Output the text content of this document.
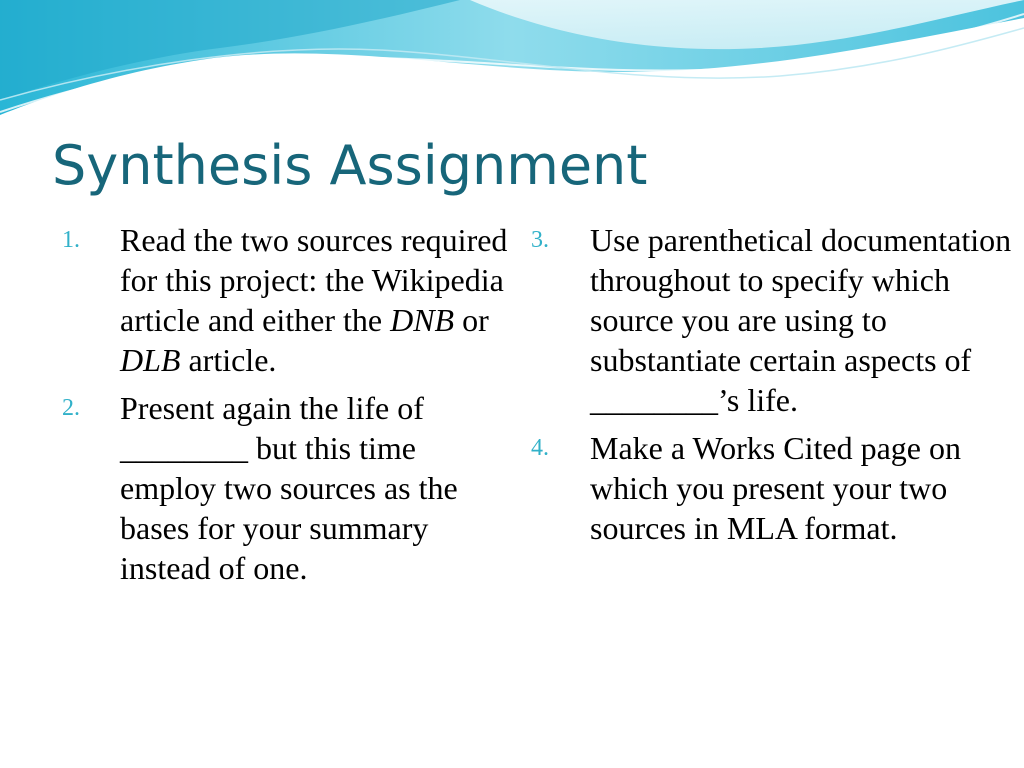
Synthesis Assignment
1. Read the two sources required for this project: the Wikipedia article and either the DNB or DLB article.
2. Present again the life of ________ but this time employ two sources as the bases for your summary instead of one.
3. Use parenthetical documentation throughout to specify which source you are using to substantiate certain aspects of ________’s life.
4. Make a Works Cited page on which you present your two sources in MLA format.
